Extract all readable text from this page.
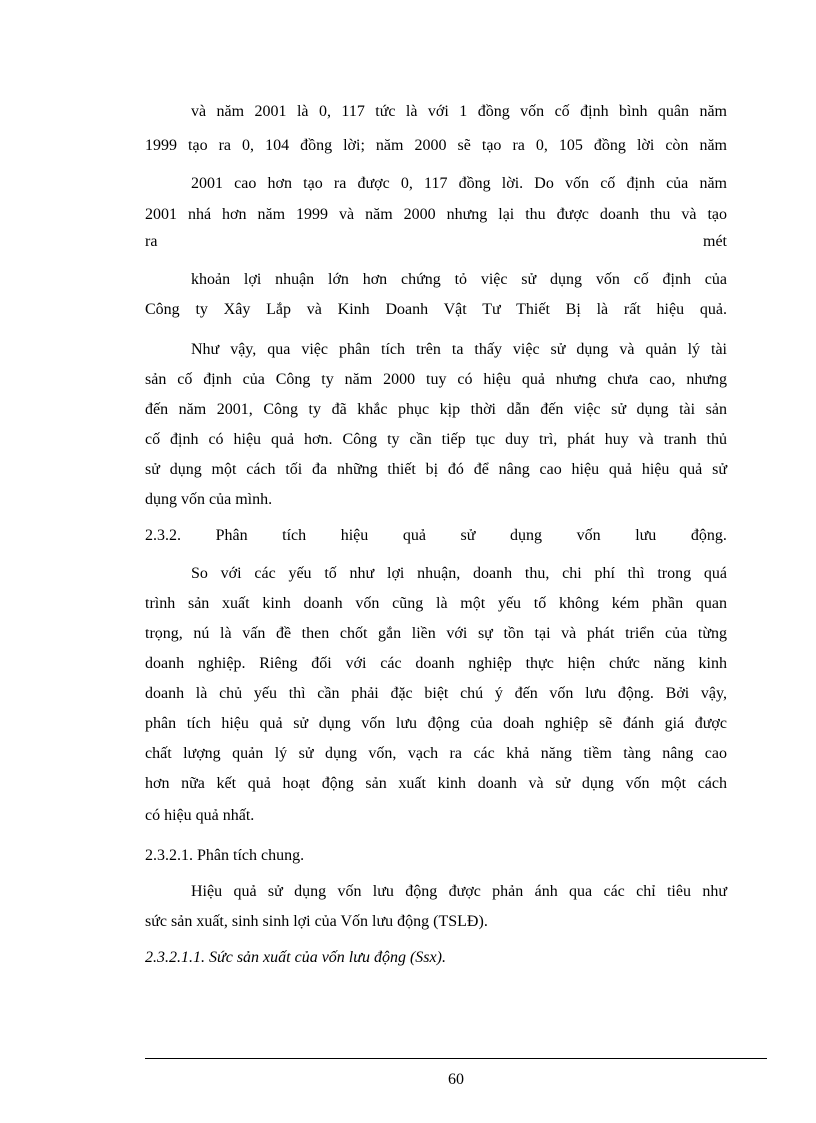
và năm 2001 là 0, 117 tức là với 1 đồng vốn cố định bình quân năm
1999 tạo ra 0, 104 đồng lời; năm 2000 sẽ tạo ra 0, 105 đồng lời còn năm
2001 cao hơn tạo ra được 0, 117 đồng lời. Do vốn cố định của năm
2001 nhá hơn năm 1999 và năm 2000 nhưng lại thu được doanh thu và tạo
ra	mét
khoản lợi nhuận lớn hơn chứng tỏ việc sử dụng vốn cố định của
Công ty Xây Lắp và Kinh Doanh Vật Tư Thiết Bị là rất hiệu quả.
Như vậy, qua việc phân tích trên ta thấy việc sử dụng và quản lý tài
sản cố định của Công ty năm 2000 tuy có hiệu quả nhưng chưa cao, nhưng
đến năm 2001, Công ty đã khắc phục kịp thời dẫn đến việc sử dụng tài sản
cố định có hiệu quả hơn. Công ty cần tiếp tục duy trì, phát huy và tranh thủ
sử dụng một cách tối đa những thiết bị đó để nâng cao hiệu quả hiệu quả sử
dụng vốn của mình.
2.3.2. Phân tích hiệu quả sử dụng vốn lưu động.
So với các yếu tố như lợi nhuận, doanh thu, chi phí thì trong quá
trình sản xuất kinh doanh vốn cũng là một yếu tố không kém phần quan
trọng, nú là vấn đề then chốt gắn liền với sự tồn tại và phát triển của từng
doanh nghiệp. Riêng đối với các doanh nghiệp thực hiện chức năng kinh
doanh là chủ yếu thì cần phải đặc biệt chú ý đến vốn lưu động. Bởi vậy,
phân tích hiệu quả sử dụng vốn lưu động của doah nghiệp sẽ đánh giá được
chất lượng quản lý sử dụng vốn, vạch ra các khả năng tiềm tàng nâng cao
hơn nữa kết quả hoạt động sản xuất kinh doanh và sử dụng vốn một cách
có hiệu quả nhất.
2.3.2.1. Phân tích chung.
Hiệu quả sử dụng vốn lưu động được phản ánh qua các chỉ tiêu như
sức sản xuất, sinh sinh lợi của Vốn lưu động (TSLĐ).
2.3.2.1.1. Sức sản xuất của vốn lưu động (Ssx).
60
